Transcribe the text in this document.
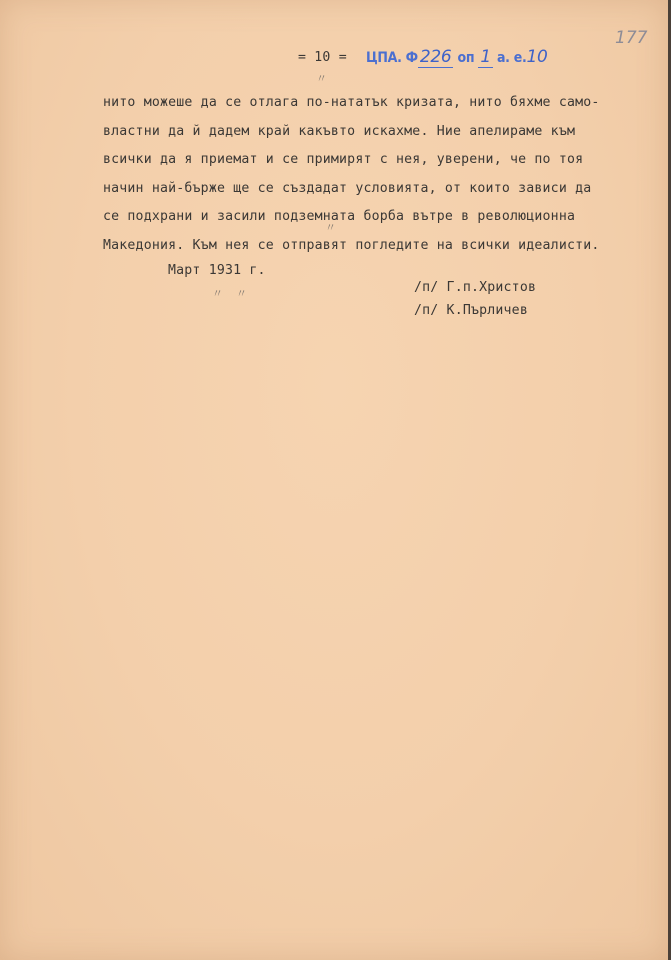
= 10 = ЦПА. Ф 226 оп 1 а. е.10
177
〃
нито можеше да се отлага по-нататък кризата, нито бяхме само-
властни да й дадем край какъвто искахме. Ние апелираме към
всички да я приемат и се примирят с нея, уверени, че по тоя
начин най-бърже ще се създадат условията, от които зависи да
се подхрани и засили подземната борба вътре в революционна
Македония. Към нея се отправят погледите на всички идеалисти.
Март 1931 г.
〃 〃
〃
/п/ Г.п.Христов
/п/ К.Пърличев
